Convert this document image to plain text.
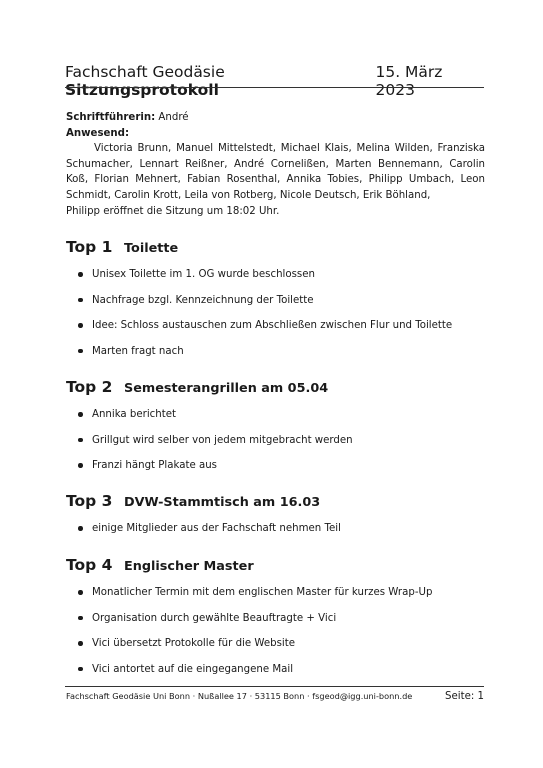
Fachschaft Geodäsie Sitzungsprotokoll
15. März 2023
Schriftführerin: André
Anwesend:

Victoria Brunn, Manuel Mittelstedt, Michael Klais, Melina Wilden, Franziska Schumacher, Lennart Reißner, André Cornelißen, Marten Bennemann, Carolin Koß, Florian Mehnert, Fabian Rosenthal, Annika Tobies, Philipp Umbach, Leon Schmidt, Carolin Krott, Leila von Rotberg, Nicole Deutsch, Erik Böhland,

Philipp eröffnet die Sitzung um 18:02 Uhr.
Top 1 Toilette
Unisex Toilette im 1. OG wurde beschlossen
Nachfrage bzgl. Kennzeichnung der Toilette
Idee: Schloss austauschen zum Abschließen zwischen Flur und Toilette
Marten fragt nach
Top 2 Semesterangrillen am 05.04
Annika berichtet
Grillgut wird selber von jedem mitgebracht werden
Franzi hängt Plakate aus
Top 3 DVW-Stammtisch am 16.03
einige Mitglieder aus der Fachschaft nehmen Teil
Top 4 Englischer Master
Monatlicher Termin mit dem englischen Master für kurzes Wrap-Up
Organisation durch gewählte Beauftragte + Vici
Vici übersetzt Protokolle für die Website
Vici antortet auf die eingegangene Mail
Fachschaft Geodäsie Uni Bonn · Nußallee 17 · 53115 Bonn · fsgeod@igg.uni-bonn.de	Seite: 1
